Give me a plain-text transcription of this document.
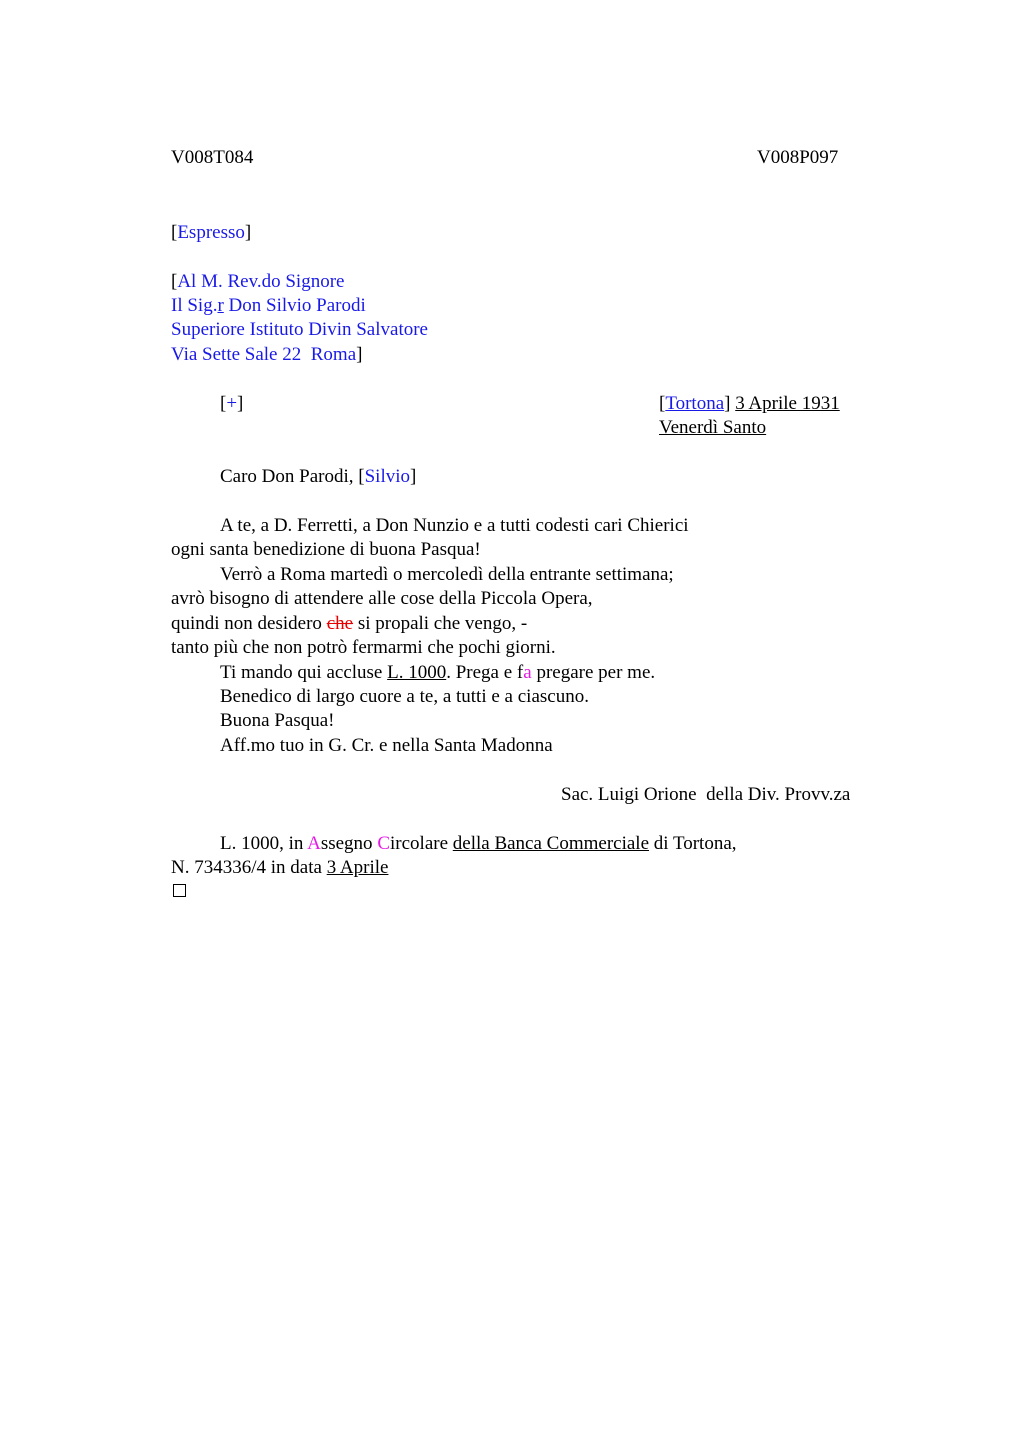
V008T084	V008P097
[Espresso]
[Al M. Rev.do Signore
Il Sig.r Don Silvio Parodi
Superiore Istituto Divin Salvatore
Via Sette Sale 22  Roma]
[+]	[Tortona] 3 Aprile 1931
Venerdì Santo
Caro Don Parodi, [Silvio]
A te, a D. Ferretti, a Don Nunzio e a tutti codesti cari Chierici
ogni santa benedizione di buona Pasqua!
Verrò a Roma martedì o mercoledì della entrante settimana;
avrò bisogno di attendere alle cose della Piccola Opera,
quindi non desidero che si propali che vengo, -
tanto più che non potrò fermarmi che pochi giorni.
Ti mando qui accluse L. 1000. Prega e fa pregare per me.
Benedico di largo cuore a te, a tutti e a ciascuno.
Buona Pasqua!
Aff.mo tuo in G. Cr. e nella Santa Madonna
Sac. Luigi Orione  della Div. Provv.za
L. 1000, in Assegno Circolare della Banca Commerciale di Tortona,
N. 734336/4 in data 3 Aprile
